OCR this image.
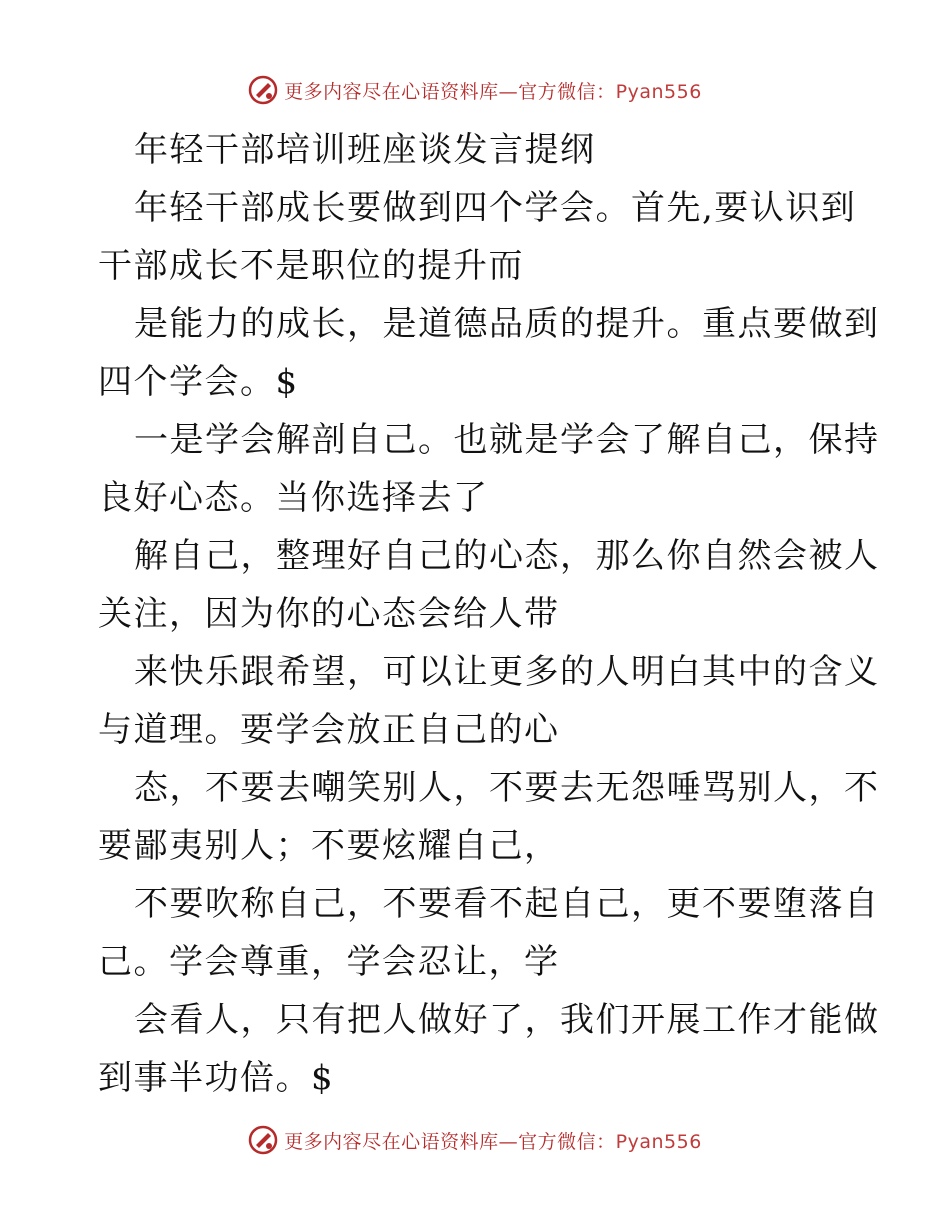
更多内容尽在心语资料库—官方微信：Pyan556
年轻干部培训班座谈发言提纲
年轻干部成长要做到四个学会。首先,要认识到
干部成长不是职位的提升而
是能力的成长，是道德品质的提升。重点要做到
四个学会。$
一是学会解剖自己。也就是学会了解自己，保持
良好心态。当你选择去了
解自己，整理好自己的心态，那么你自然会被人
关注，因为你的心态会给人带
来快乐跟希望，可以让更多的人明白其中的含义
与道理。要学会放正自己的心
态，不要去嘲笑别人，不要去无怨唾骂别人，不
要鄙夷别人；不要炫耀自己，
不要吹称自己，不要看不起自己，更不要堕落自
己。学会尊重，学会忍让，学
会看人，只有把人做好了，我们开展工作才能做
到事半功倍。$
更多内容尽在心语资料库—官方微信：Pyan556
